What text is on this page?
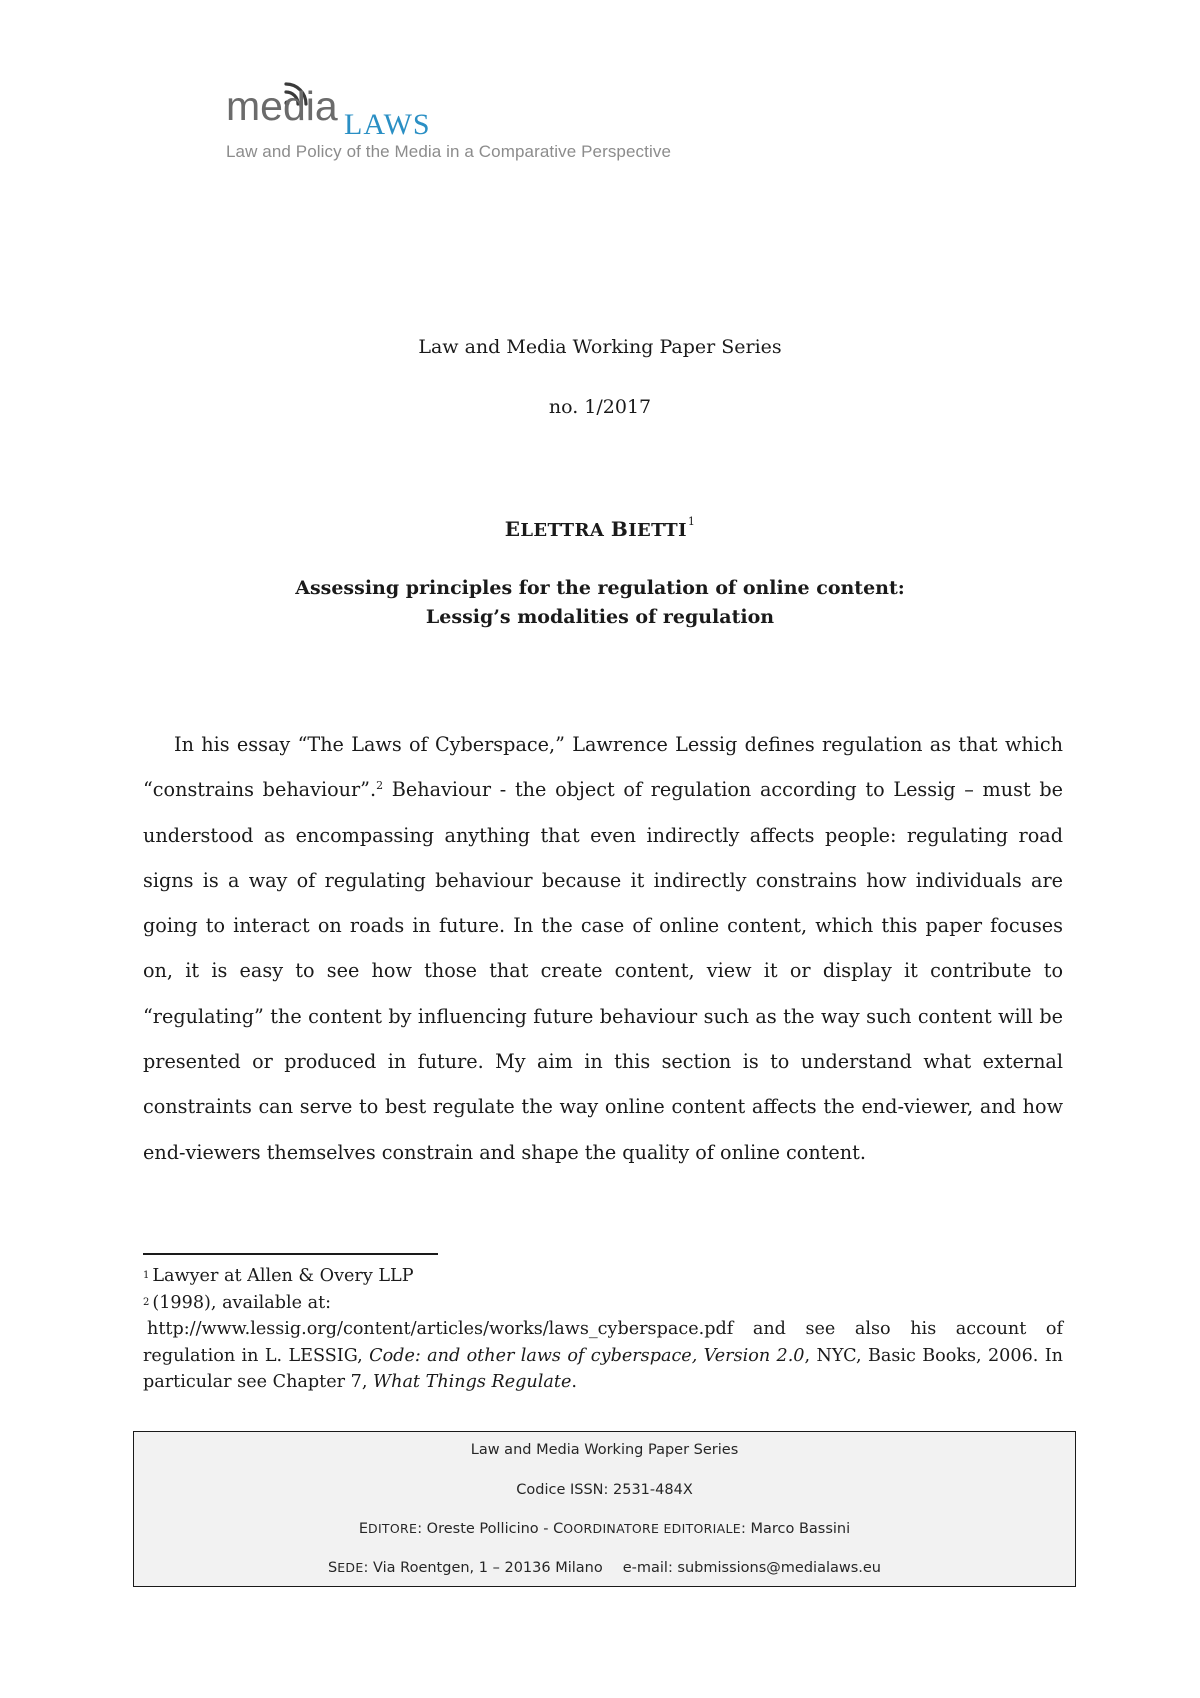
media LAWS
Law and Policy of the Media in a Comparative Perspective
Law and Media Working Paper Series
no. 1/2017
ELETTRA BIETTI$^1$
Assessing principles for the regulation of online content:
Lessig’s modalities of regulation

In his essay “The Laws of Cyberspace,” Lawrence Lessig defines regulation as that which “constrains behaviour”.$^2$ Behaviour - the object of regulation according to Lessig – must be understood as encompassing anything that even indirectly affects people: regulating road signs is a way of regulating behaviour because it indirectly constrains how individuals are going to interact on roads in future. In the case of online content, which this paper focuses on, it is easy to see how those that create content, view it or display it contribute to “regulating” the content by influencing future behaviour such as the way such content will be presented or produced in future. My aim in this section is to understand what external constraints can serve to best regulate the way online content affects the end-viewer, and how end-viewers themselves constrain and shape the quality of online content.

$^1$ Lawyer at Allen & Overy LLP

$^2$ (1998), available at:

http://www.lessig.org/content/articles/works/laws_cyberspace.pdf and see also his account of regulation in L. LESSIG, Code: and other laws of cyberspace, Version 2.0, NYC, Basic Books, 2006. In particular see Chapter 7, What Things Regulate.

Law and Media Working Paper Series
Codice ISSN: 2531-484X
EDITORE: Oreste Pollicino - COORDINATORE EDITORIALE: Marco Bassini
SEDE: Via Roentgen, 1 – 20136 Milano e-mail: submissions@medialaws.eu
